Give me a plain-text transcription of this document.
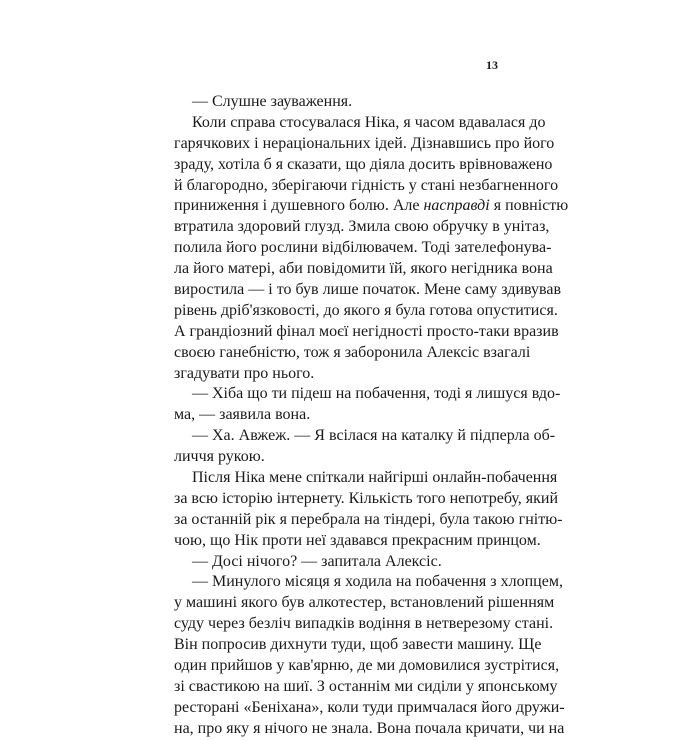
13
— Слушне зауваження.
Коли справа стосувалася Ніка, я часом вдавалася до
гарячкових і нераціональних ідей. Дізнавшись про його
зраду, хотіла б я сказати, що діяла досить врівноважено
й благородно, зберігаючи гідність у стані незбагненного
приниження і душевного болю. Але насправді я повністю
втратила здоровий глузд. Змила свою обручку в унітаз,
полила його рослини відбілювачем. Тоді зателефонува-
ла його матері, аби повідомити їй, якого негідника вона
виростила — і то був лише початок. Мене саму здивував
рівень дріб'язковості, до якого я була готова опуститися.
А грандіозний фінал моєї негідності просто-таки вразив
своєю ганебністю, тож я заборонила Алексіс взагалі
згадувати про нього.
— Хіба що ти підеш на побачення, тоді я лишуся вдо-
ма, — заявила вона.
— Ха. Авжеж. — Я всілася на каталку й підперла об-
личчя рукою.
Після Ніка мене спіткали найгірші онлайн-побачення
за всю історію інтернету. Кількість того непотребу, який
за останній рік я перебрала на тіндері, була такою гнітю-
чою, що Нік проти неї здавався прекрасним принцом.
— Досі нічого? — запитала Алексіс.
— Минулого місяця я ходила на побачення з хлопцем,
у машині якого був алкотестер, встановлений рішенням
суду через безліч випадків водіння в нетверезому стані.
Він попросив дихнути туди, щоб завести машину. Ще
один прийшов у кав'ярню, де ми домовилися зустрітися,
зі свастикою на шиї. З останнім ми сиділи у японському
ресторані «Беніхана», коли туди примчалася його дружи-
на, про яку я нічого не знала. Вона почала кричати, чи на
